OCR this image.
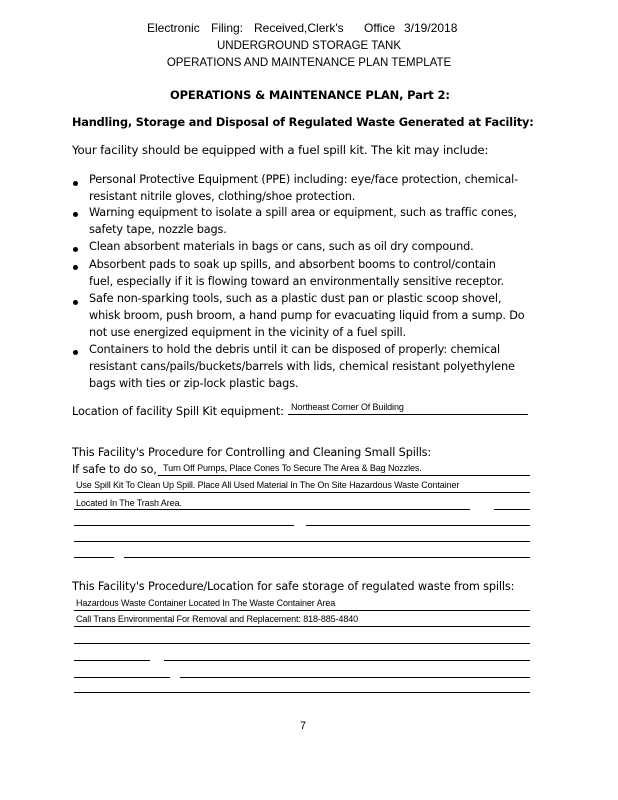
Electronic Filing: Received,Clerk's Office 3/19/2018
UNDERGROUND STORAGE TANK
OPERATIONS AND MAINTENANCE PLAN TEMPLATE
OPERATIONS & MAINTENANCE PLAN, Part 2:
Handling, Storage and Disposal of Regulated Waste Generated at Facility:
Your facility should be equipped with a fuel spill kit. The kit may include:
Personal Protective Equipment (PPE) including: eye/face protection, chemical-
resistant nitrile gloves, clothing/shoe protection.
Warning equipment to isolate a spill area or equipment, such as traffic cones,
safety tape, nozzle bags.
Clean absorbent materials in bags or cans, such as oil dry compound.
Absorbent pads to soak up spills, and absorbent booms to control/contain
fuel, especially if it is flowing toward an environmentally sensitive receptor.
Safe non-sparking tools, such as a plastic dust pan or plastic scoop shovel,
whisk broom, push broom, a hand pump for evacuating liquid from a sump. Do
not use energized equipment in the vicinity of a fuel spill.
Containers to hold the debris until it can be disposed of properly: chemical
resistant cans/pails/buckets/barrels with lids, chemical resistant polyethylene
bags with ties or zip-lock plastic bags.
Location of facility Spill Kit equipment: Northeast Corner Of Building
This Facility's Procedure for Controlling and Cleaning Small Spills:
If safe to do so, Turn Off Pumps, Place Cones To Secure The Area & Bag Nozzles.
Use Spill Kit To Clean Up Spill. Place All Used Material In The On Site Hazardous Waste Container
Located In The Trash Area.
This Facility's Procedure/Location for safe storage of regulated waste from spills:
Hazardous Waste Container Located In The Waste Container Area
Call Trans Environmental For Removal and Replacement: 818-885-4840
7
